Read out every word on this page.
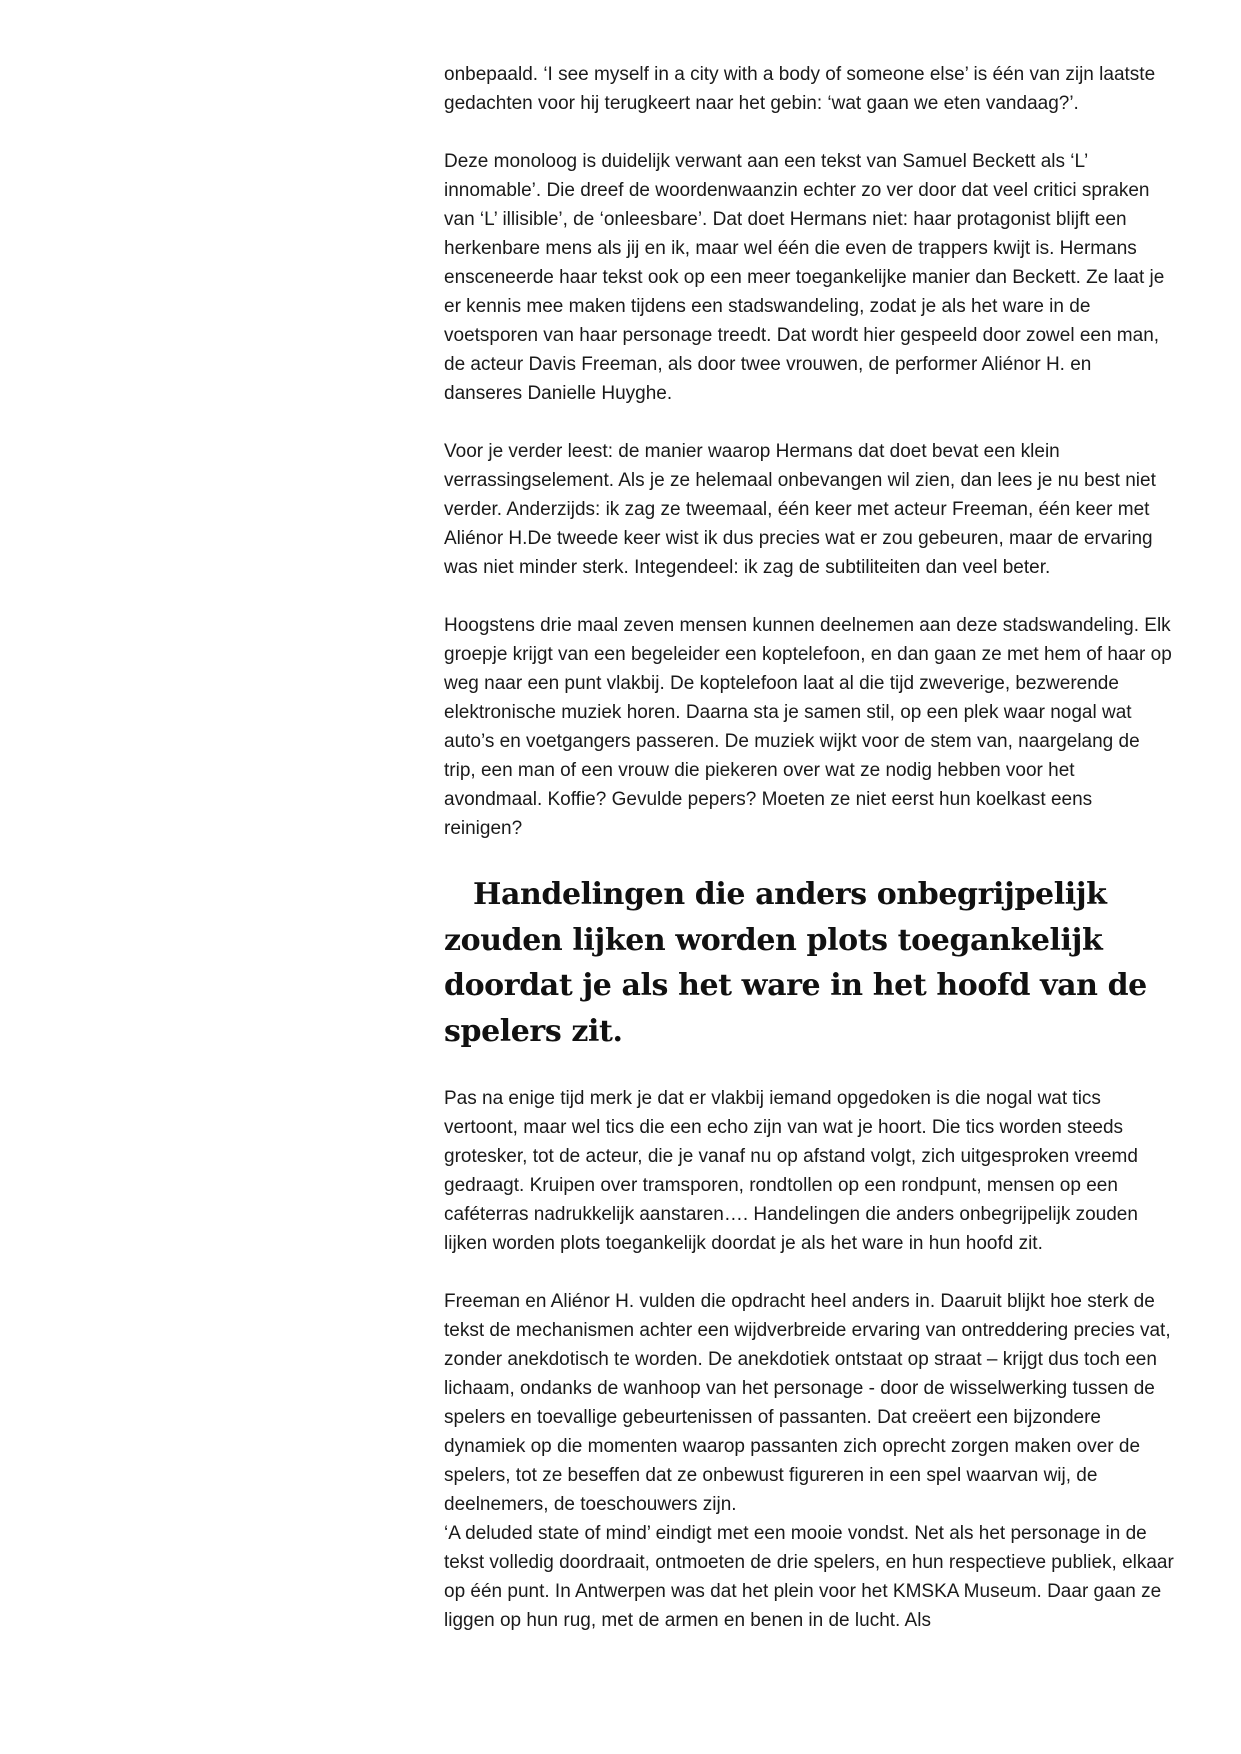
onbepaald. ‘I see myself in a city with a body of someone else’ is één van zijn laatste gedachten voor hij terugkeert naar het gebin: ‘wat gaan we eten vandaag?’.

Deze monoloog is duidelijk verwant aan een tekst van Samuel Beckett als ‘L’ innomable’. Die dreef de woordenwaanzin echter zo ver door dat veel critici spraken van ‘L’ illisible’, de ‘onleesbare’. Dat doet Hermans niet: haar protagonist blijft een herkenbare mens als jij en ik, maar wel één die even de trappers kwijt is. Hermans ensceneerde haar tekst ook op een meer toegankelijke manier dan Beckett. Ze laat je er kennis mee maken tijdens een stadswandeling, zodat je als het ware in de voetsporen van haar personage treedt. Dat wordt hier gespeeld door zowel een man, de acteur Davis Freeman, als door twee vrouwen, de performer Aliénor H. en danseres Danielle Huyghe.

Voor je verder leest: de manier waarop Hermans dat doet bevat een klein verrassingselement. Als je ze helemaal onbevangen wil zien, dan lees je nu best niet verder. Anderzijds: ik zag ze tweemaal, één keer met acteur Freeman, één keer met Aliénor H.De tweede keer wist ik dus precies wat er zou gebeuren, maar de ervaring was niet minder sterk. Integendeel: ik zag de subtiliteiten dan veel beter.

Hoogstens drie maal zeven mensen kunnen deelnemen aan deze stadswandeling. Elk groepje krijgt van een begeleider een koptelefoon, en dan gaan ze met hem of haar op weg naar een punt vlakbij. De koptelefoon laat al die tijd zweverige, bezwerende elektronische muziek horen. Daarna sta je samen stil, op een plek waar nogal wat auto’s en voetgangers passeren. De muziek wijkt voor de stem van, naargelang de trip, een man of een vrouw die piekeren over wat ze nodig hebben voor het avondmaal. Koffie? Gevulde pepers? Moeten ze niet eerst hun koelkast eens reinigen?

Handelingen die anders onbegrijpelijk zouden lijken worden plots toegankelijk doordat je als het ware in het hoofd van de spelers zit.

Pas na enige tijd merk je dat er vlakbij iemand opgedoken is die nogal wat tics vertoont, maar wel tics die een echo zijn van wat je hoort. Die tics worden steeds grotesker, tot de acteur, die je vanaf nu op afstand volgt, zich uitgesproken vreemd gedraagt. Kruipen over tramsporen, rondtollen op een rondpunt, mensen op een caféterras nadrukkelijk aanstaren…. Handelingen die anders onbegrijpelijk zouden lijken worden plots toegankelijk doordat je als het ware in hun hoofd zit.

Freeman en Aliénor H. vulden die opdracht heel anders in. Daaruit blijkt hoe sterk de tekst de mechanismen achter een wijdverbreide ervaring van ontreddering precies vat, zonder anekdotisch te worden. De anekdotiek ontstaat op straat – krijgt dus toch een lichaam, ondanks de wanhoop van het personage - door de wisselwerking tussen de spelers en toevallige gebeurtenissen of passanten. Dat creëert een bijzondere dynamiek op die momenten waarop passanten zich oprecht zorgen maken over de spelers, tot ze beseffen dat ze onbewust figureren in een spel waarvan wij, de deelnemers, de toeschouwers zijn.

‘A deluded state of mind’ eindigt met een mooie vondst. Net als het personage in de tekst volledig doordraait, ontmoeten de drie spelers, en hun respectieve publiek, elkaar op één punt. In Antwerpen was dat het plein voor het KMSKA Museum. Daar gaan ze liggen op hun rug, met de armen en benen in de lucht. Als
